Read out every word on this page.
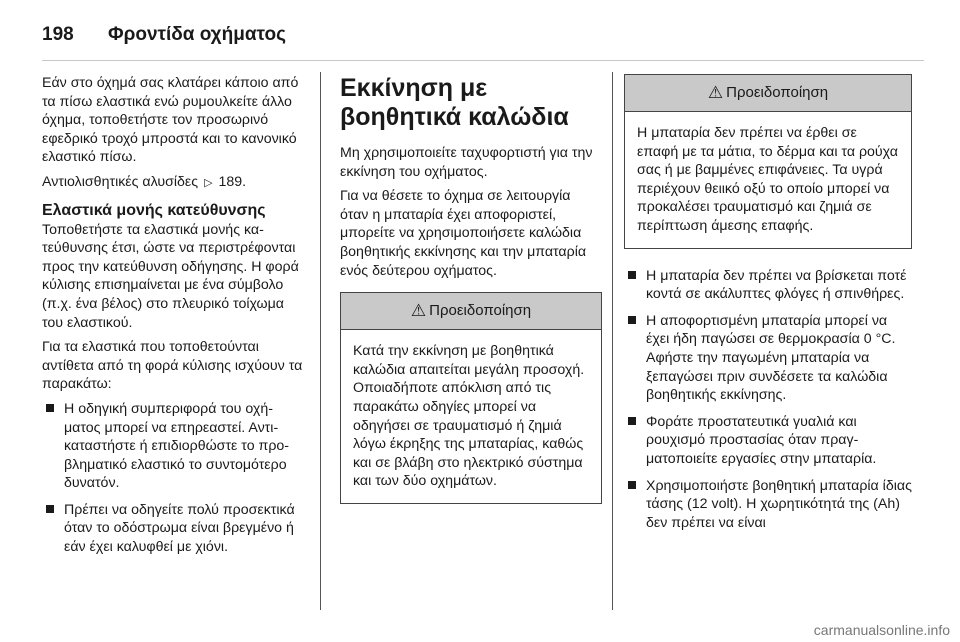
198	Φροντίδα οχήματος

Εάν στο όχημά σας κλατάρει κάποιο από τα πίσω ελαστικά ενώ ρυμουλκείτε άλλο όχημα, τοποθετήστε τον προσωρινό εφεδρικό τροχό μπροστά και το κανονικό ελαστικό πίσω.

Αντιολισθητικές αλυσίδες ▷ 189.

Ελαστικά μονής κατεύθυνσης

Τοποθετήστε τα ελαστικά μονής κατεύθυνσης έτσι, ώστε να περιστρέφονται προς την κατεύθυνση οδήγησης. Η φορά κύλισης επισημαίνεται με ένα σύμβολο (π.χ. ένα βέλος) στο πλευρικό τοίχωμα του ελαστικού.

Για τα ελαστικά που τοποθετούνται αντίθετα από τη φορά κύλισης ισχύουν τα παρακάτω:

Η οδηγική συμπεριφορά του οχήματος μπορεί να επηρεαστεί. Αντικαταστήστε ή επιδιορθώστε το προβληματικό ελαστικό το συντομότερο δυνατόν.
Πρέπει να οδηγείτε πολύ προσεκτικά όταν το οδόστρωμα είναι βρεγμένο ή εάν έχει καλυφθεί με χιόνι.
Εκκίνηση με βοηθητικά καλώδια

Μη χρησιμοποιείτε ταχυφορτιστή για την εκκίνηση του οχήματος.

Για να θέσετε το όχημα σε λειτουργία όταν η μπαταρία έχει αποφοριστεί, μπορείτε να χρησιμοποιήσετε καλώδια βοηθητικής εκκίνησης και την μπαταρία ενός δεύτερου οχήματος.

⚠ Προειδοποίηση
Κατά την εκκίνηση με βοηθητικά καλώδια απαιτείται μεγάλη προσοχή. Οποιαδήποτε απόκλιση από τις παρακάτω οδηγίες μπορεί να οδηγήσει σε τραυματισμό ή ζημιά λόγω έκρηξης της μπαταρίας, καθώς και σε βλάβη στο ηλεκτρικό σύστημα και των δύο οχημάτων.
⚠ Προειδοποίηση
Η μπαταρία δεν πρέπει να έρθει σε επαφή με τα μάτια, το δέρμα και τα ρούχα σας ή με βαμμένες επιφάνειες. Τα υγρά περιέχουν θειικό οξύ το οποίο μπορεί να προκαλέσει τραυματισμό και ζημιά σε περίπτωση άμεσης επαφής.
Η μπαταρία δεν πρέπει να βρίσκεται ποτέ κοντά σε ακάλυπτες φλόγες ή σπινθήρες.
Η αποφορτισμένη μπαταρία μπορεί να έχει ήδη παγώσει σε θερμοκρασία 0 °C. Αφήστε την παγωμένη μπαταρία να ξεπαγώσει πριν συνδέσετε τα καλώδια βοηθητικής εκκίνησης.
Φοράτε προστατευτικά γυαλιά και ρουχισμό προστασίας όταν πραγματοποιείτε εργασίες στην μπαταρία.
Χρησιμοποιήστε βοηθητική μπαταρία ίδιας τάσης (12 volt). Η χωρητικότητά της (Ah) δεν πρέπει να είναι
carmanualsonline.info
